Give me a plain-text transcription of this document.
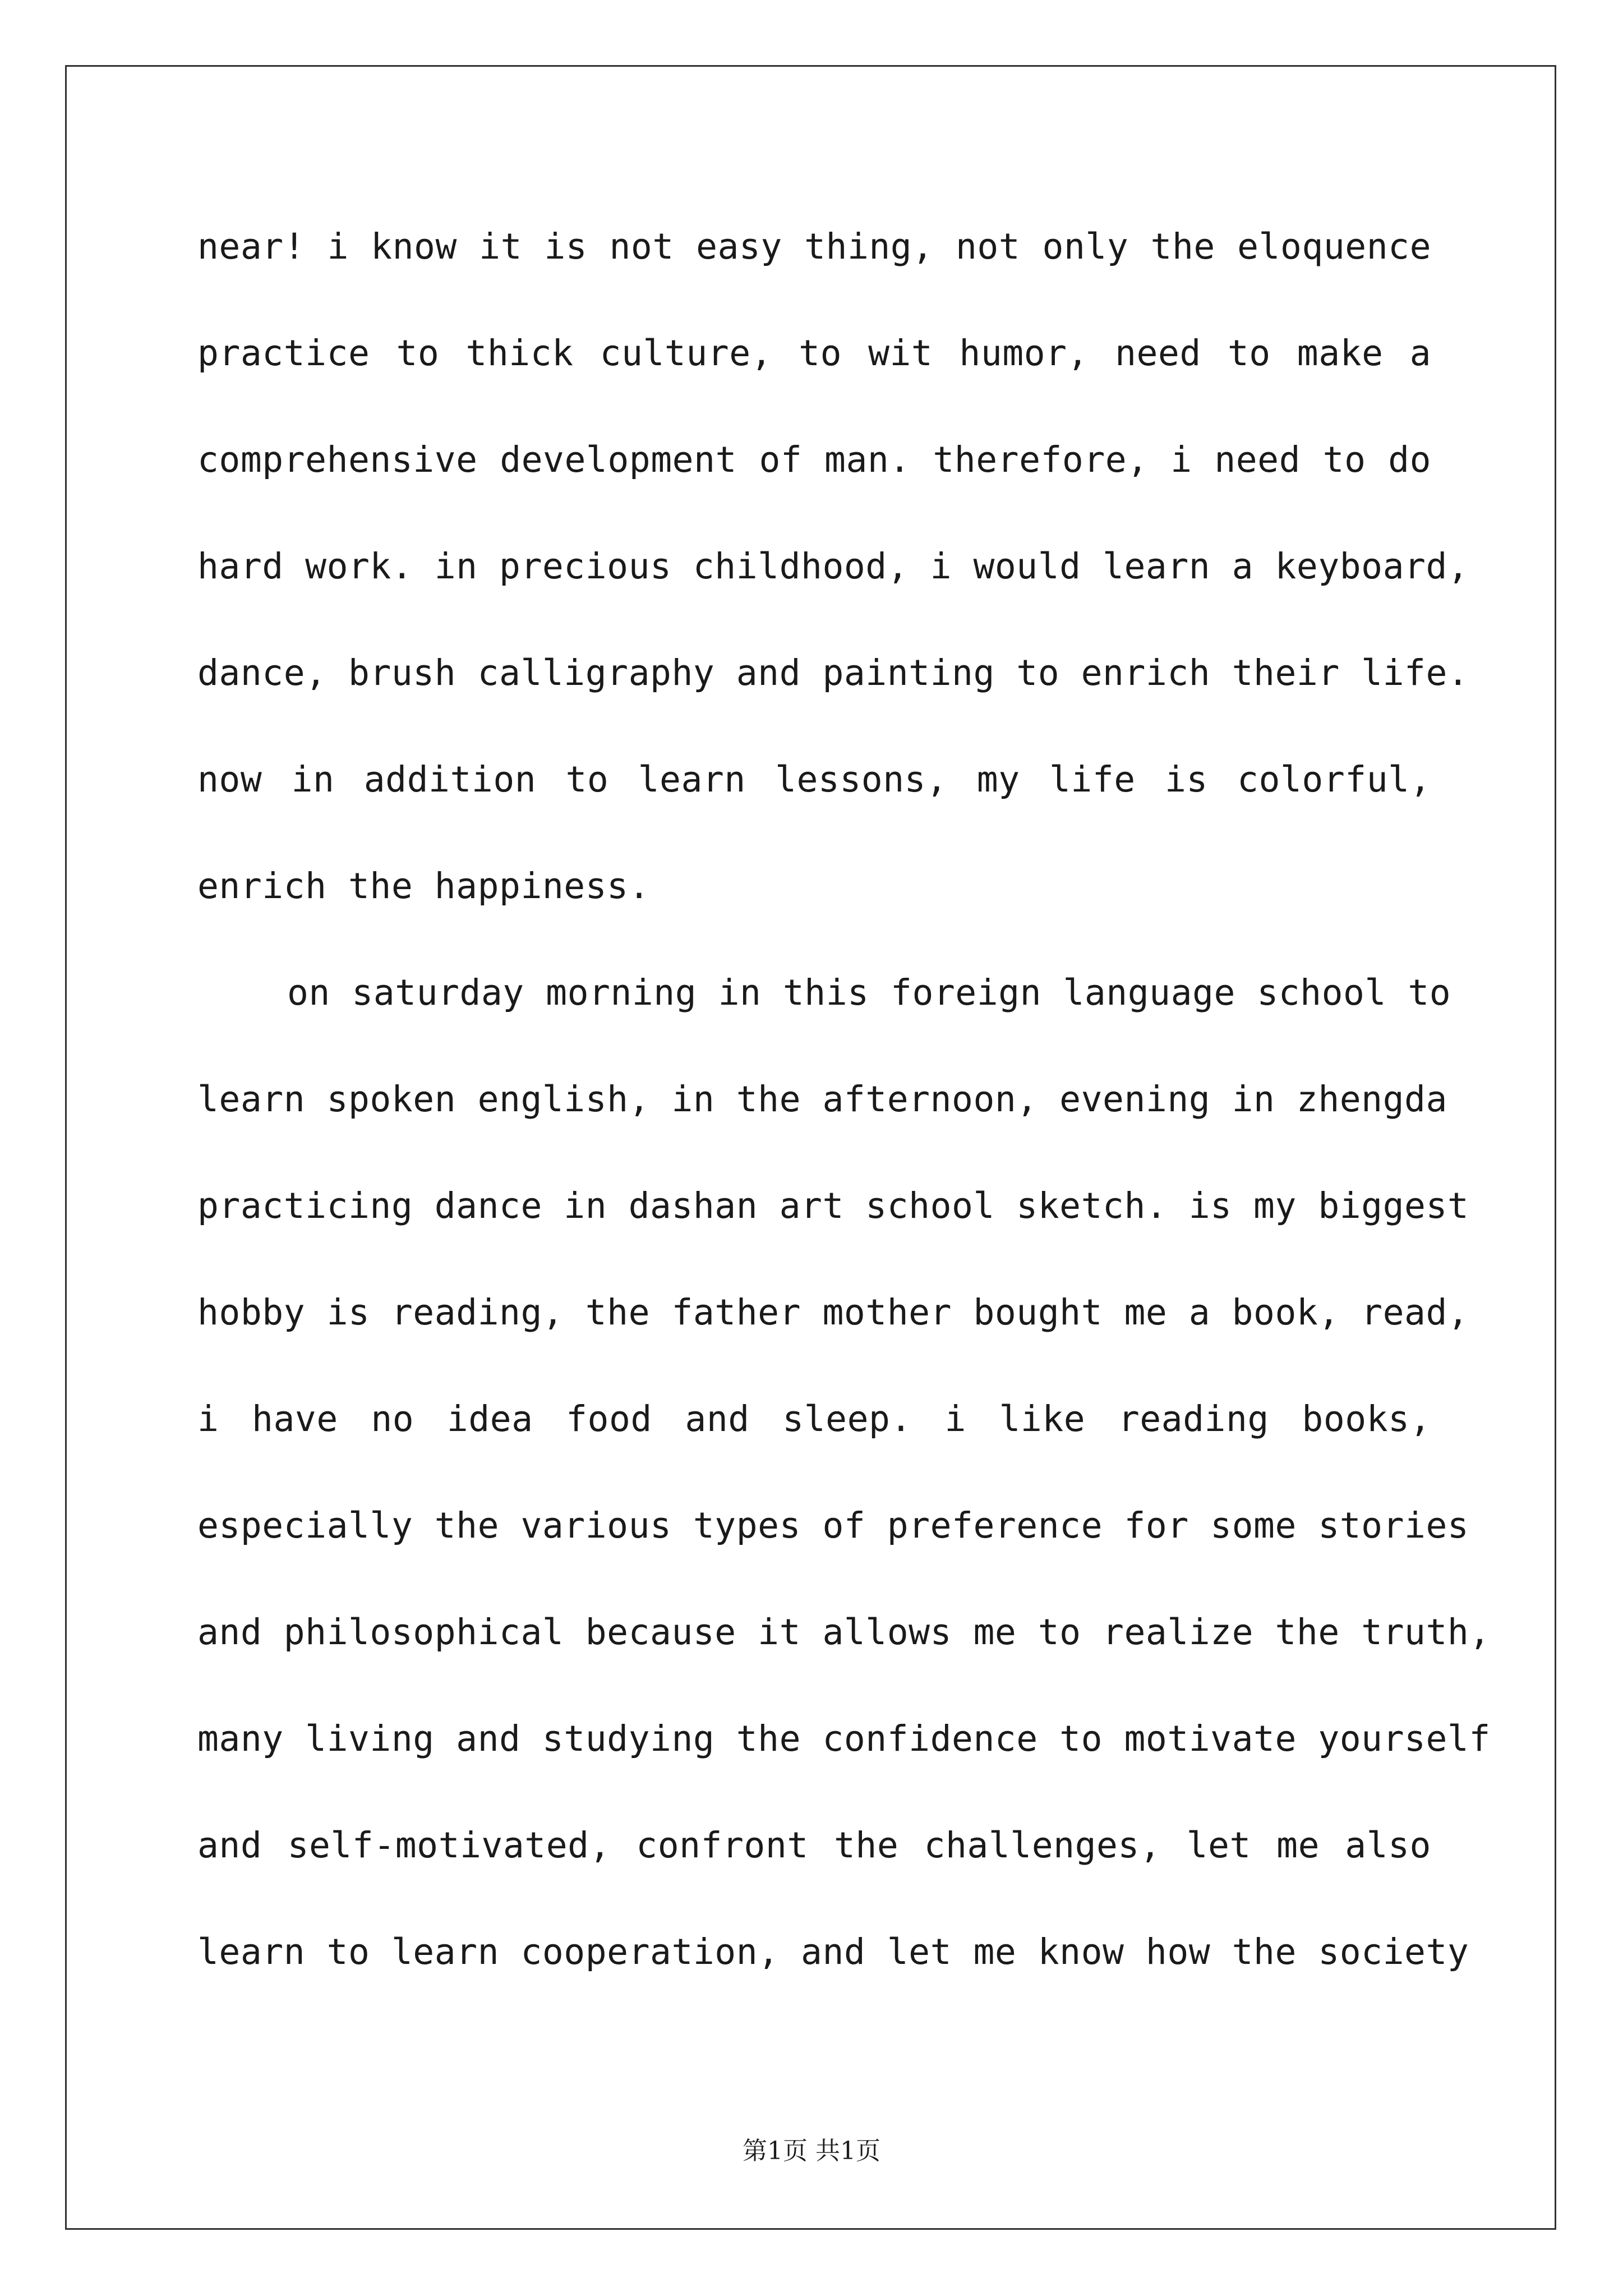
near! i know it is not easy thing, not only the eloquence
practice to thick culture, to wit humor, need to make a
comprehensive development of man. therefore, i need to do
hard work. in precious childhood, i would learn a keyboard,
dance, brush calligraphy and painting to enrich their life.
now in addition to learn lessons, my life is colorful,
enrich the happiness.
on saturday morning in this foreign language school to
learn spoken english, in the afternoon, evening in zhengda
practicing dance in dashan art school sketch. is my biggest
hobby is reading, the father mother bought me a book, read,
i have no idea food and sleep. i like reading books,
especially the various types of preference for some stories
and philosophical because it allows me to realize the truth,
many living and studying the confidence to motivate yourself
and self-motivated, confront the challenges, let me also
learn to learn cooperation, and let me know how the society
第1页 共1页
